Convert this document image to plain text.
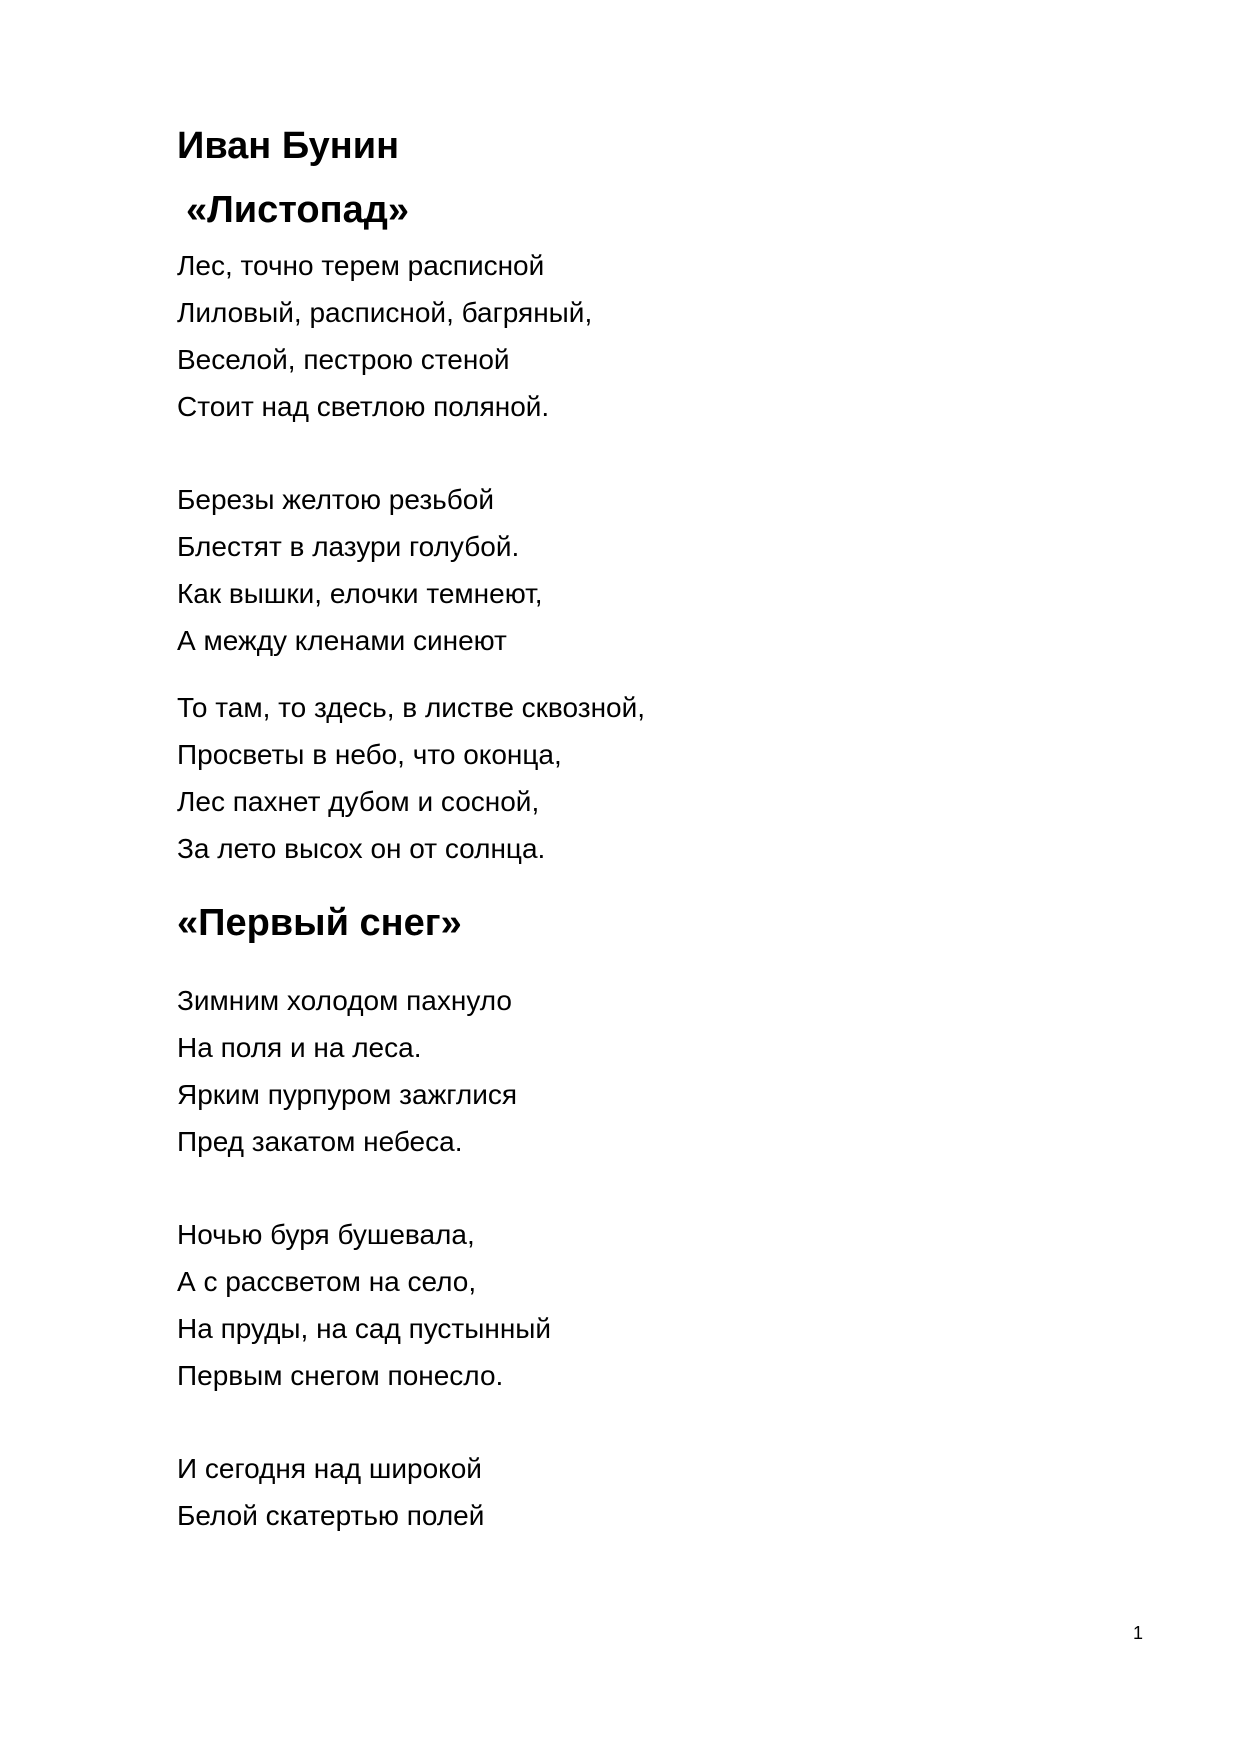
Иван Бунин
«Листопад»

Лес, точно терем расписной

Лиловый, расписной, багряный,

Веселой, пестрою стеной

Стоит над светлою поляной.

Березы желтою резьбой

Блестят в лазури голубой.

Как вышки, елочки темнеют,

А между кленами синеют

То там, то здесь, в листве сквозной,

Просветы в небо, что оконца,

Лес пахнет дубом и сосной,

За лето высох он от солнца.

«Первый снег»

Зимним холодом пахнуло

На поля и на леса.

Ярким пурпуром зажглися

Пред закатом небеса.

Ночью буря бушевала,

А с рассветом на село,

На пруды, на сад пустынный

Первым снегом понесло.

И сегодня над широкой

Белой скатертью полей

1
